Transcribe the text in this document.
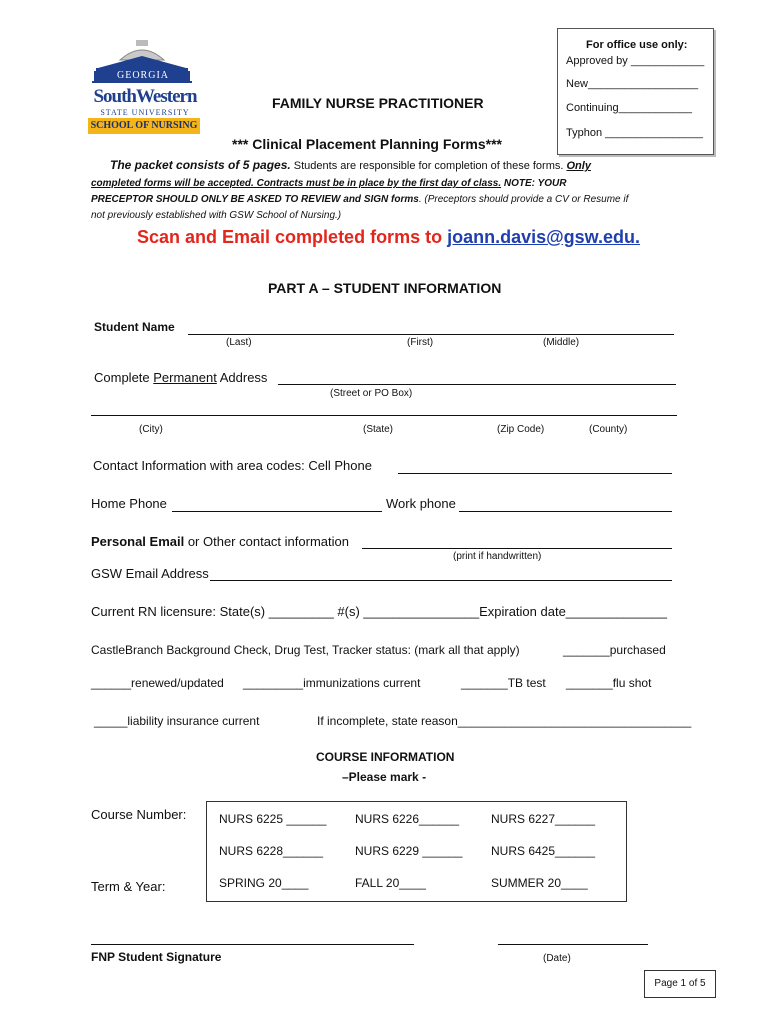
For office use only:
Approved by ____________
New__________________
Continuing____________
Typhon ________________
GEORGIA
SouthWestern
STATE UNIVERSITY
SCHOOL OF NURSING
FAMILY NURSE PRACTITIONER
*** Clinical Placement Planning Forms***
The packet consists of 5 pages. Students are responsible for completion of these forms. Only
completed forms will be accepted. Contracts must be in place by the first day of class. NOTE: YOUR
PRECEPTOR SHOULD ONLY BE ASKED TO REVIEW and SIGN forms. (Preceptors should provide a CV or Resume if
not previously established with GSW School of Nursing.)
Scan and Email completed forms to joann.davis@gsw.edu.
PART A – STUDENT INFORMATION
Student Name
(Last)	(First)	(Middle)
Complete Permanent Address
(Street or PO Box)
(City)	(State)	(Zip Code)	(County)
Contact Information with area codes: Cell Phone
Home Phone	Work phone
Personal Email or Other contact information
(print if handwritten)
GSW Email Address
Current RN licensure: State(s) _________ #(s) ________________Expiration date______________
CastleBranch Background Check, Drug Test, Tracker status: (mark all that apply)	_______purchased
______renewed/updated _________immunizations current	_______TB test _______flu shot
_____liability insurance current	If incomplete, state reason___________________________________
COURSE INFORMATION
–Please mark -
Course Number:
Term & Year:
NURS 6225 ______ NURS 6226______	NURS 6227______
NURS 6228______	NURS 6229 ______ NURS 6425______
SPRING 20____	FALL 20____	SUMMER 20____
FNP Student Signature	(Date)
Page 1 of 5
